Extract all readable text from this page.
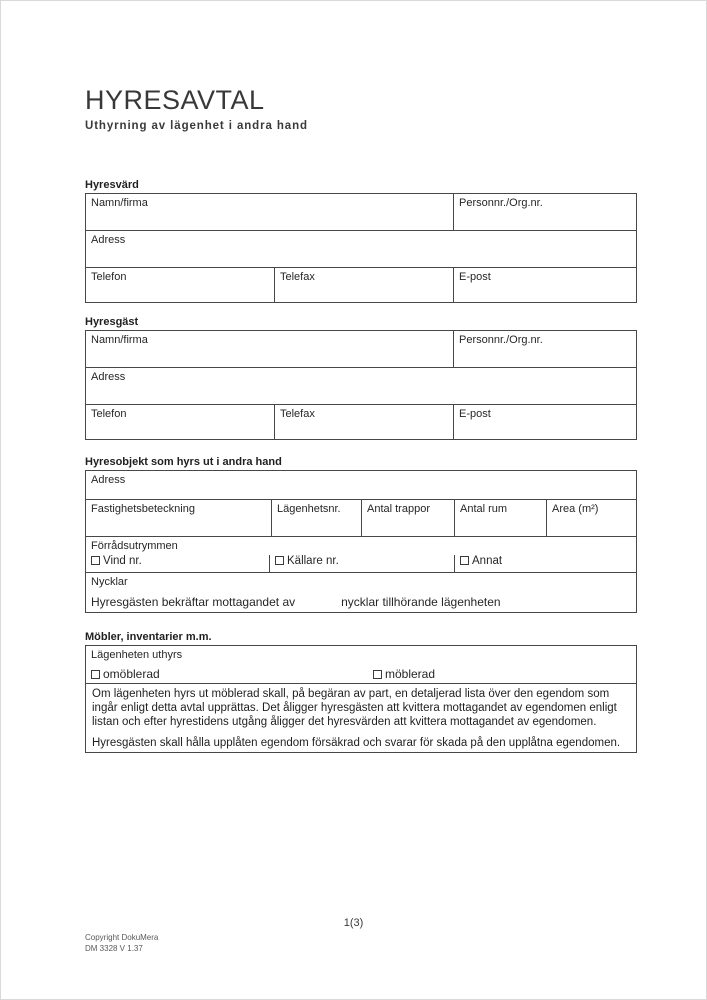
HYRESAVTAL
Uthyrning av lägenhet i andra hand
Hyresvärd
Namn/firma	Personnr./Org.nr.
Adress
Telefon	Telefax	E-post
Hyresgäst
Namn/firma	Personnr./Org.nr.
Adress
Telefon	Telefax	E-post
Hyresobjekt som hyrs ut i andra hand
Adress
Fastighetsbeteckning	Lägenhetsnr.	Antal trappor	Antal rum	Area (m²)
Förrådsutrymmen
Vind nr.	Källare nr.	Annat
Nycklar
Hyresgästen bekräftar mottagandet av	nycklar tillhörande lägenheten
Möbler, inventarier m.m.
Lägenheten uthyrs
omöblerad	möblerad

Om lägenheten hyrs ut möblerad skall, på begäran av part, en detaljerad lista över den egendom som ingår enligt detta avtal upprättas. Det åligger hyresgästen att kvittera mottagandet av egendomen enligt listan och efter hyrestidens utgång åligger det hyresvärden att kvittera mottagandet av egendomen.

Hyresgästen skall hålla upplåten egendom försäkrad och svarar för skada på den upplåtna egendomen.

1(3)
Copyright DokuMera
DM 3328 V 1.37
